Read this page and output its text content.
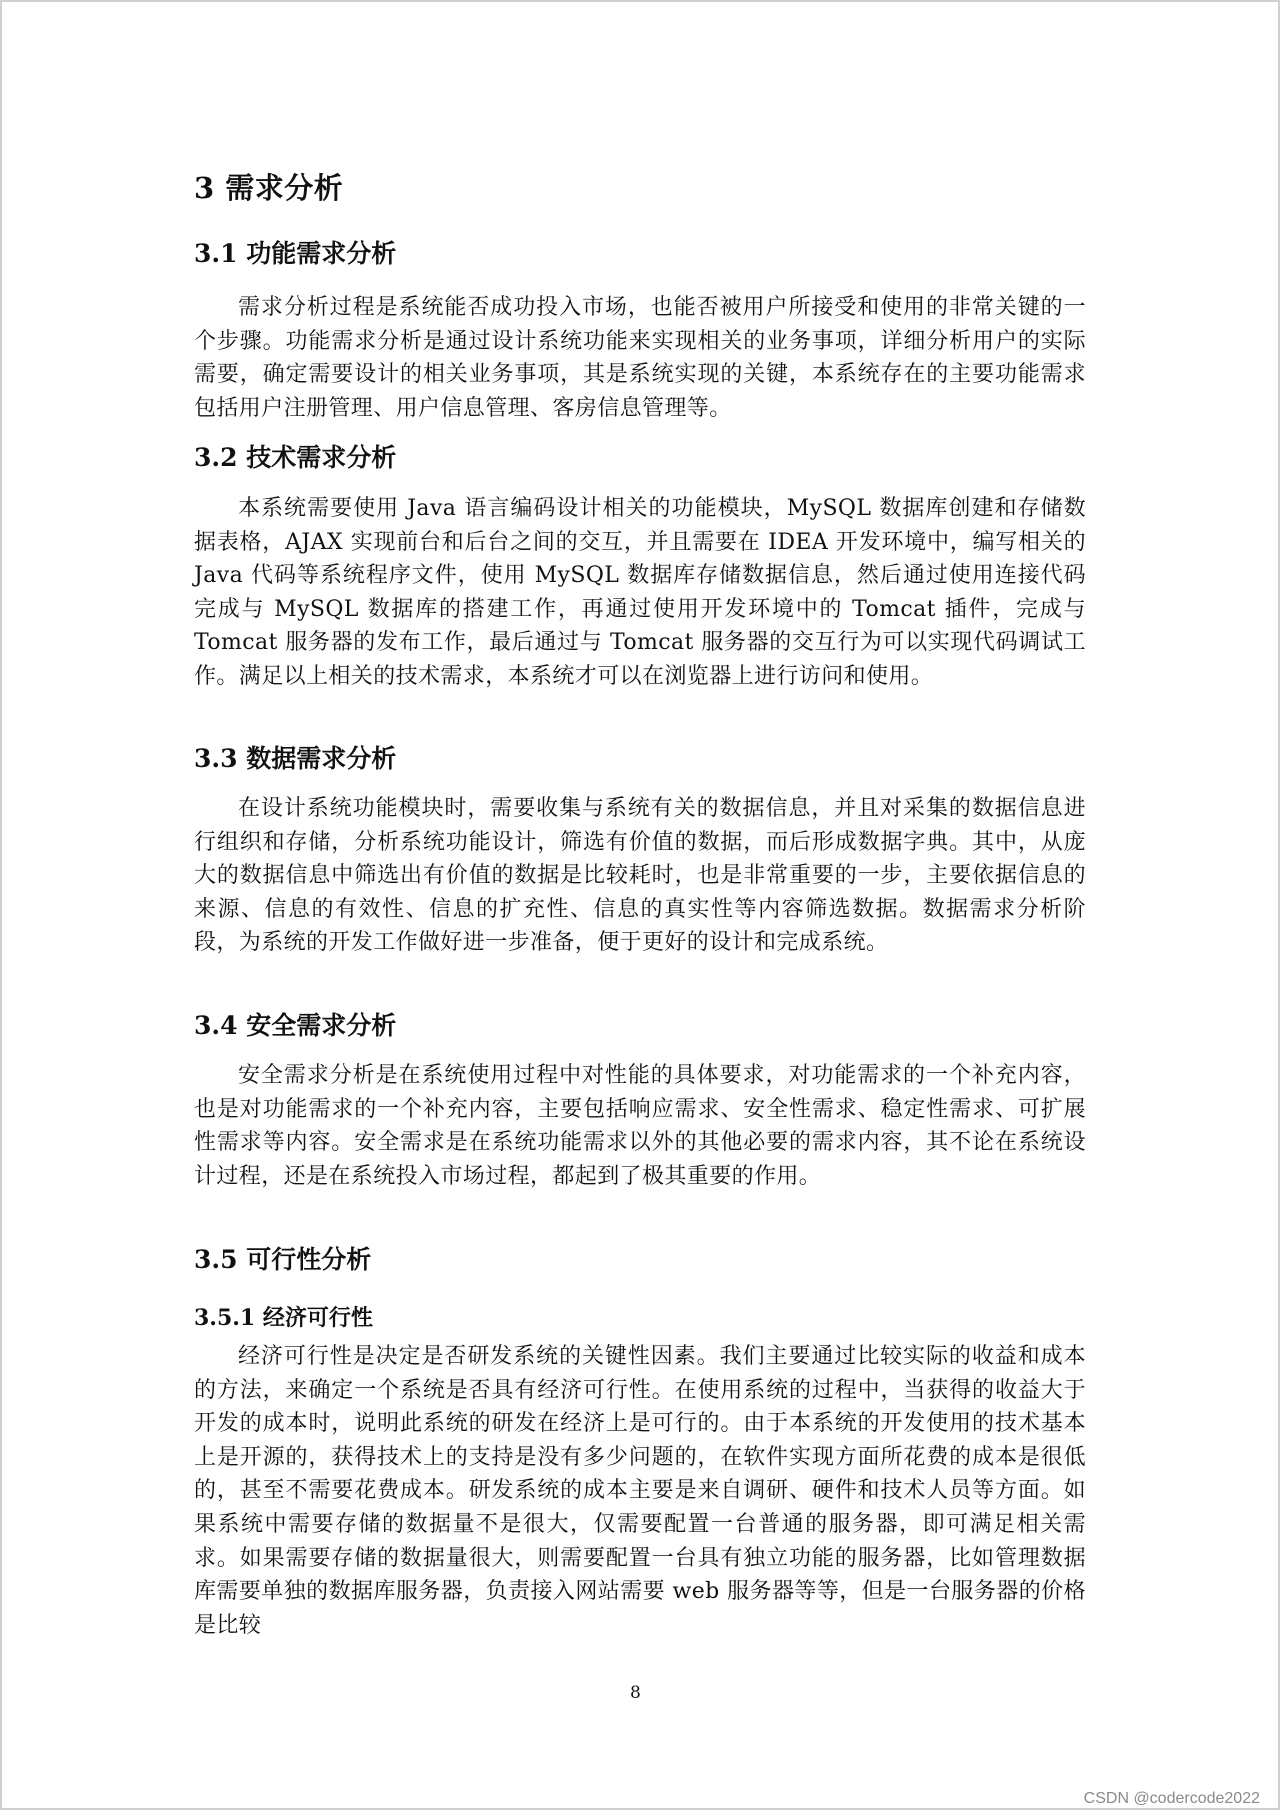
3 需求分析
3.1 功能需求分析

需求分析过程是系统能否成功投入市场，也能否被用户所接受和使用的非常关键的一个步骤。功能需求分析是通过设计系统功能来实现相关的业务事项，详细分析用户的实际需要，确定需要设计的相关业务事项，其是系统实现的关键，本系统存在的主要功能需求包括用户注册管理、用户信息管理、客房信息管理等。

3.2 技术需求分析

本系统需要使用 Java 语言编码设计相关的功能模块，MySQL 数据库创建和存储数据表格，AJAX 实现前台和后台之间的交互，并且需要在 IDEA 开发环境中，编写相关的 Java 代码等系统程序文件，使用 MySQL 数据库存储数据信息，然后通过使用连接代码完成与 MySQL 数据库的搭建工作，再通过使用开发环境中的 Tomcat 插件，完成与 Tomcat 服务器的发布工作，最后通过与 Tomcat 服务器的交互行为可以实现代码调试工作。满足以上相关的技术需求，本系统才可以在浏览器上进行访问和使用。

3.3 数据需求分析

在设计系统功能模块时，需要收集与系统有关的数据信息，并且对采集的数据信息进行组织和存储，分析系统功能设计，筛选有价值的数据，而后形成数据字典。其中，从庞大的数据信息中筛选出有价值的数据是比较耗时，也是非常重要的一步，主要依据信息的来源、信息的有效性、信息的扩充性、信息的真实性等内容筛选数据。数据需求分析阶段，为系统的开发工作做好进一步准备，便于更好的设计和完成系统。

3.4 安全需求分析

安全需求分析是在系统使用过程中对性能的具体要求，对功能需求的一个补充内容，也是对功能需求的一个补充内容，主要包括响应需求、安全性需求、稳定性需求、可扩展性需求等内容。安全需求是在系统功能需求以外的其他必要的需求内容，其不论在系统设计过程，还是在系统投入市场过程，都起到了极其重要的作用。

3.5 可行性分析
3.5.1 经济可行性

经济可行性是决定是否研发系统的关键性因素。我们主要通过比较实际的收益和成本的方法，来确定一个系统是否具有经济可行性。在使用系统的过程中，当获得的收益大于开发的成本时，说明此系统的研发在经济上是可行的。由于本系统的开发使用的技术基本上是开源的，获得技术上的支持是没有多少问题的，在软件实现方面所花费的成本是很低的，甚至不需要花费成本。研发系统的成本主要是来自调研、硬件和技术人员等方面。如果系统中需要存储的数据量不是很大，仅需要配置一台普通的服务器，即可满足相关需求。如果需要存储的数据量很大，则需要配置一台具有独立功能的服务器，比如管理数据库需要单独的数据库服务器，负责接入网站需要 web 服务器等等，但是一台服务器的价格是比较

8
CSDN @codercode2022
